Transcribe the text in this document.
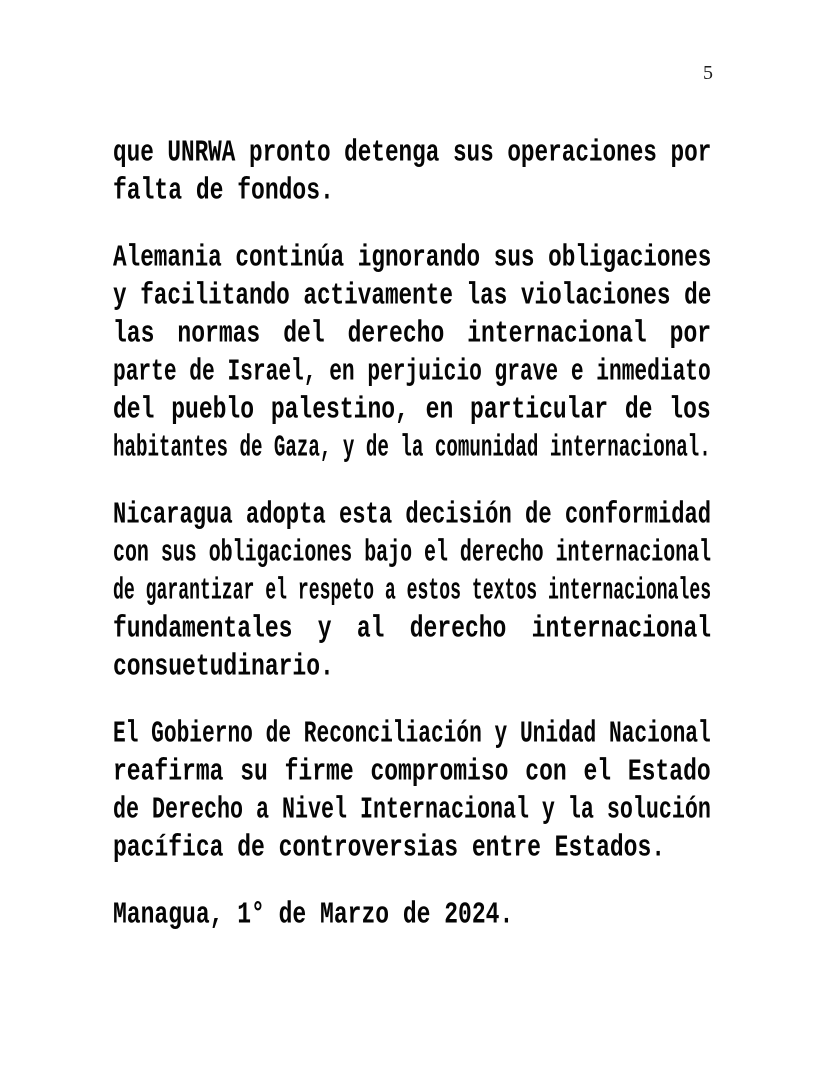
5
que UNRWA pronto detenga sus operaciones por
falta de fondos.
Alemania continúa ignorando sus obligaciones
y facilitando activamente las violaciones de
las normas del derecho internacional por
parte de Israel, en perjuicio grave e inmediato
del pueblo palestino, en particular de los
habitantes de Gaza, y de la comunidad internacional.
Nicaragua adopta esta decisión de conformidad
con sus obligaciones bajo el derecho internacional
de garantizar el respeto a estos textos internacionales
fundamentales y al derecho internacional
consuetudinario.
El Gobierno de Reconciliación y Unidad Nacional
reafirma su firme compromiso con el Estado
de Derecho a Nivel Internacional y la solución
pacífica de controversias entre Estados.
Managua, 1° de Marzo de 2024.
